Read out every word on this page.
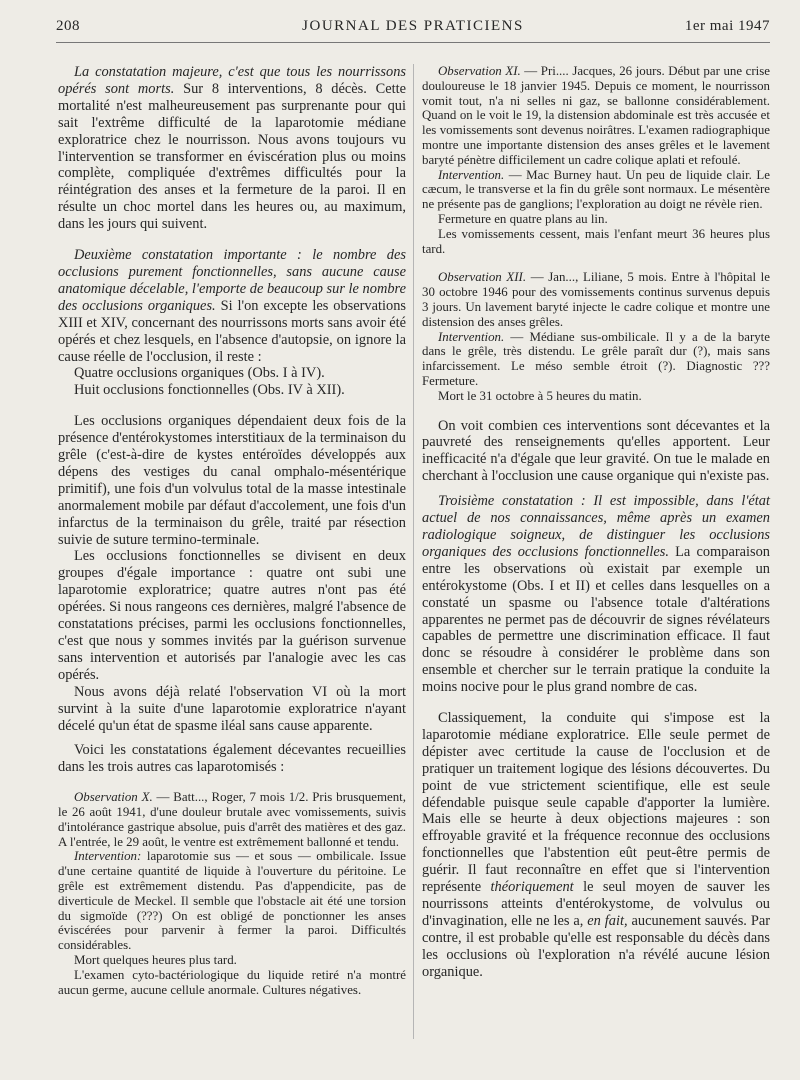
208	JOURNAL DES PRATICIENS	1er mai 1947

La constatation majeure, c'est que tous les nourrissons opérés sont morts. Sur 8 interventions, 8 décès. Cette mortalité n'est malheureusement pas surprenante pour qui sait l'extrême difficulté de la laparotomie médiane exploratrice chez le nourrisson. Nous avons toujours vu l'intervention se transformer en éviscération plus ou moins complète, compliquée d'extrêmes difficultés pour la réintégration des anses et la fermeture de la paroi. Il en résulte un choc mortel dans les heures ou, au maximum, dans les jours qui suivent.

Deuxième constatation importante : le nombre des occlusions purement fonctionnelles, sans aucune cause anatomique décelable, l'emporte de beaucoup sur le nombre des occlusions organiques. Si l'on excepte les observations XIII et XIV, concernant des nourrissons morts sans avoir été opérés et chez lesquels, en l'absence d'autopsie, on ignore la cause réelle de l'occlusion, il reste :

Quatre occlusions organiques (Obs. I à IV).

Huit occlusions fonctionnelles (Obs. IV à XII).

Les occlusions organiques dépendaient deux fois de la présence d'entérokystomes interstitiaux de la terminaison du grêle (c'est-à-dire de kystes entéroïdes développés aux dépens des vestiges du canal omphalo-mésentérique primitif), une fois d'un volvulus total de la masse intestinale anormalement mobile par défaut d'accolement, une fois d'un infarctus de la terminaison du grêle, traité par résection suivie de suture termino-terminale.

Les occlusions fonctionnelles se divisent en deux groupes d'égale importance : quatre ont subi une laparotomie exploratrice; quatre autres n'ont pas été opérées. Si nous rangeons ces dernières, malgré l'absence de constatations précises, parmi les occlusions fonctionnelles, c'est que nous y sommes invités par la guérison survenue sans intervention et autorisés par l'analogie avec les cas opérés.

Nous avons déjà relaté l'observation VI où la mort survint à la suite d'une laparotomie exploratrice n'ayant décelé qu'un état de spasme iléal sans cause apparente.

Voici les constatations également décevantes recueillies dans les trois autres cas laparotomisés :

Observation X. — Batt..., Roger, 7 mois 1/2. Pris brusquement, le 26 août 1941, d'une douleur brutale avec vomissements, suivis d'intolérance gastrique absolue, puis d'arrêt des matières et des gaz. A l'entrée, le 29 août, le ventre est extrêmement ballonné et tendu.

Intervention: laparotomie sus — et sous — ombilicale. Issue d'une certaine quantité de liquide à l'ouverture du péritoine. Le grêle est extrêmement distendu. Pas d'appendicite, pas de diverticule de Meckel. Il semble que l'obstacle ait été une torsion du sigmoïde (???) On est obligé de ponctionner les anses éviscérées pour parvenir à fermer la paroi. Difficultés considérables.

Mort quelques heures plus tard.

L'examen cyto-bactériologique du liquide retiré n'a montré aucun germe, aucune cellule anormale. Cultures négatives.

Observation XI. — Pri.... Jacques, 26 jours. Début par une crise douloureuse le 18 janvier 1945. Depuis ce moment, le nourrisson vomit tout, n'a ni selles ni gaz, se ballonne considérablement. Quand on le voit le 19, la distension abdominale est très accusée et les vomissements sont devenus noirâtres. L'examen radiographique montre une importante distension des anses grêles et le lavement baryté pénètre difficilement un cadre colique aplati et refoulé.

Intervention. — Mac Burney haut. Un peu de liquide clair. Le cæcum, le transverse et la fin du grêle sont normaux. Le mésentère ne présente pas de ganglions; l'exploration au doigt ne révèle rien.

Fermeture en quatre plans au lin.

Les vomissements cessent, mais l'enfant meurt 36 heures plus tard.

Observation XII. — Jan..., Liliane, 5 mois. Entre à l'hôpital le 30 octobre 1946 pour des vomissements continus survenus depuis 3 jours. Un lavement baryté injecte le cadre colique et montre une distension des anses grêles.

Intervention. — Médiane sus-ombilicale. Il y a de la baryte dans le grêle, très distendu. Le grêle paraît dur (?), mais sans infarcissement. Le méso semble étroit (?). Diagnostic ??? Fermeture.

Mort le 31 octobre à 5 heures du matin.

On voit combien ces interventions sont décevantes et la pauvreté des renseignements qu'elles apportent. Leur inefficacité n'a d'égale que leur gravité. On tue le malade en cherchant à l'occlusion une cause organique qui n'existe pas.

Troisième constatation : Il est impossible, dans l'état actuel de nos connaissances, même après un examen radiologique soigneux, de distinguer les occlusions organiques des occlusions fonctionnelles. La comparaison entre les observations où existait par exemple un entérokystome (Obs. I et II) et celles dans lesquelles on a constaté un spasme ou l'absence totale d'altérations apparentes ne permet pas de découvrir de signes révélateurs capables de permettre une discrimination efficace. Il faut donc se résoudre à considérer le problème dans son ensemble et chercher sur le terrain pratique la conduite la moins nocive pour le plus grand nombre de cas.

Classiquement, la conduite qui s'impose est la laparotomie médiane exploratrice. Elle seule permet de dépister avec certitude la cause de l'occlusion et de pratiquer un traitement logique des lésions découvertes. Du point de vue strictement scientifique, elle est seule défendable puisque seule capable d'apporter la lumière. Mais elle se heurte à deux objections majeures : son effroyable gravité et la fréquence reconnue des occlusions fonctionnelles que l'abstention eût peut-être permis de guérir. Il faut reconnaître en effet que si l'intervention représente théoriquement le seul moyen de sauver les nourrissons atteints d'entérokystome, de volvulus ou d'invagination, elle ne les a, en fait, aucunement sauvés. Par contre, il est probable qu'elle est responsable du décès dans les occlusions où l'exploration n'a révélé aucune lésion organique.
